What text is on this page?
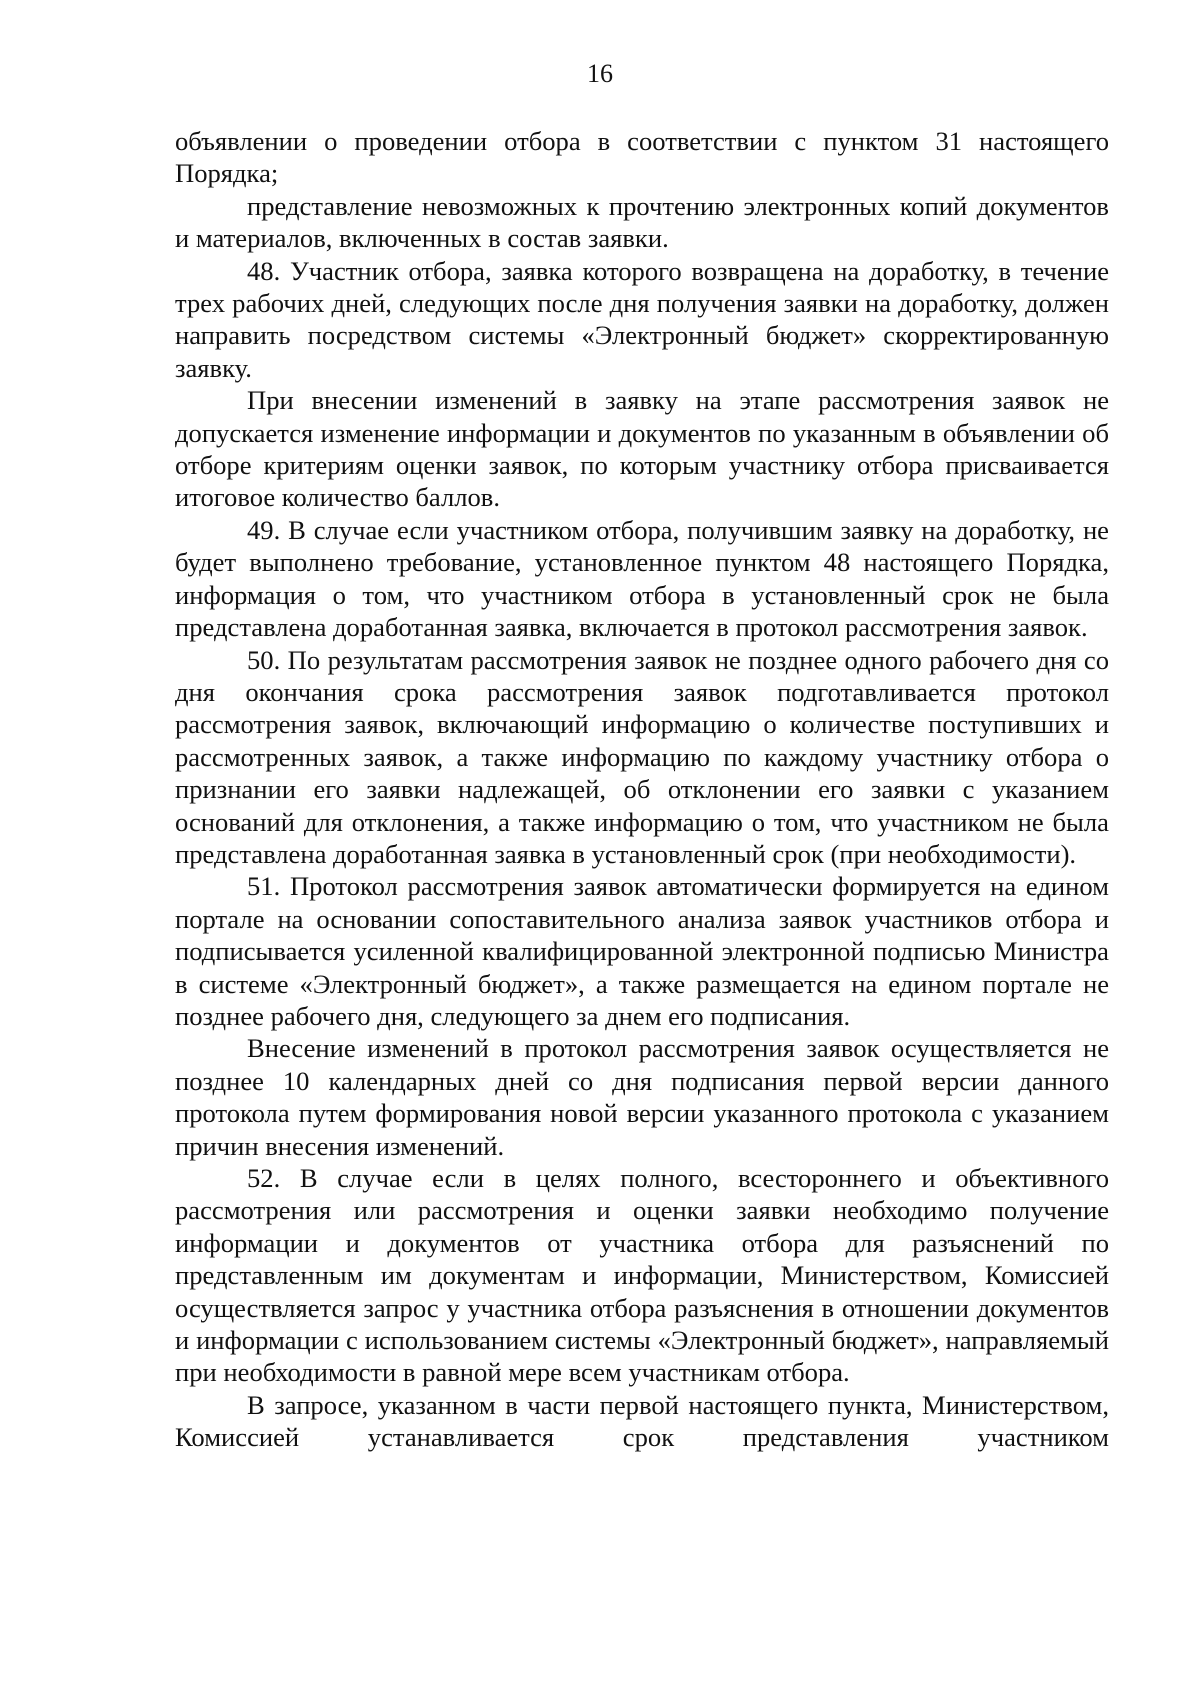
16

объявлении о проведении отбора в соответствии с пунктом 31 настоящего Порядка;

представление невозможных к прочтению электронных копий документов и материалов, включенных в состав заявки.

48. Участник отбора, заявка которого возвращена на доработку, в течение трех рабочих дней, следующих после дня получения заявки на доработку, должен направить посредством системы «Электронный бюджет» скорректированную заявку.

При внесении изменений в заявку на этапе рассмотрения заявок не допускается изменение информации и документов по указанным в объявлении об отборе критериям оценки заявок, по которым участнику отбора присваивается итоговое количество баллов.

49. В случае если участником отбора, получившим заявку на доработку, не будет выполнено требование, установленное пунктом 48 настоящего Порядка, информация о том, что участником отбора в установленный срок не была представлена доработанная заявка, включается в протокол рассмотрения заявок.

50. По результатам рассмотрения заявок не позднее одного рабочего дня со дня окончания срока рассмотрения заявок подготавливается протокол рассмотрения заявок, включающий информацию о количестве поступивших и рассмотренных заявок, а также информацию по каждому участнику отбора о признании его заявки надлежащей, об отклонении его заявки с указанием оснований для отклонения, а также информацию о том, что участником не была представлена доработанная заявка в установленный срок (при необходимости).

51. Протокол рассмотрения заявок автоматически формируется на едином портале на основании сопоставительного анализа заявок участников отбора и подписывается усиленной квалифицированной электронной подписью Министра в системе «Электронный бюджет», а также размещается на едином портале не позднее рабочего дня, следующего за днем его подписания.

Внесение изменений в протокол рассмотрения заявок осуществляется не позднее 10 календарных дней со дня подписания первой версии данного протокола путем формирования новой версии указанного протокола с указанием причин внесения изменений.

52. В случае если в целях полного, всестороннего и объективного рассмотрения или рассмотрения и оценки заявки необходимо получение информации и документов от участника отбора для разъяснений по представленным им документам и информации, Министерством, Комиссией осуществляется запрос у участника отбора разъяснения в отношении документов и информации с использованием системы «Электронный бюджет», направляемый при необходимости в равной мере всем участникам отбора.

В запросе, указанном в части первой настоящего пункта, Министерством, Комиссией устанавливается срок представления участником
